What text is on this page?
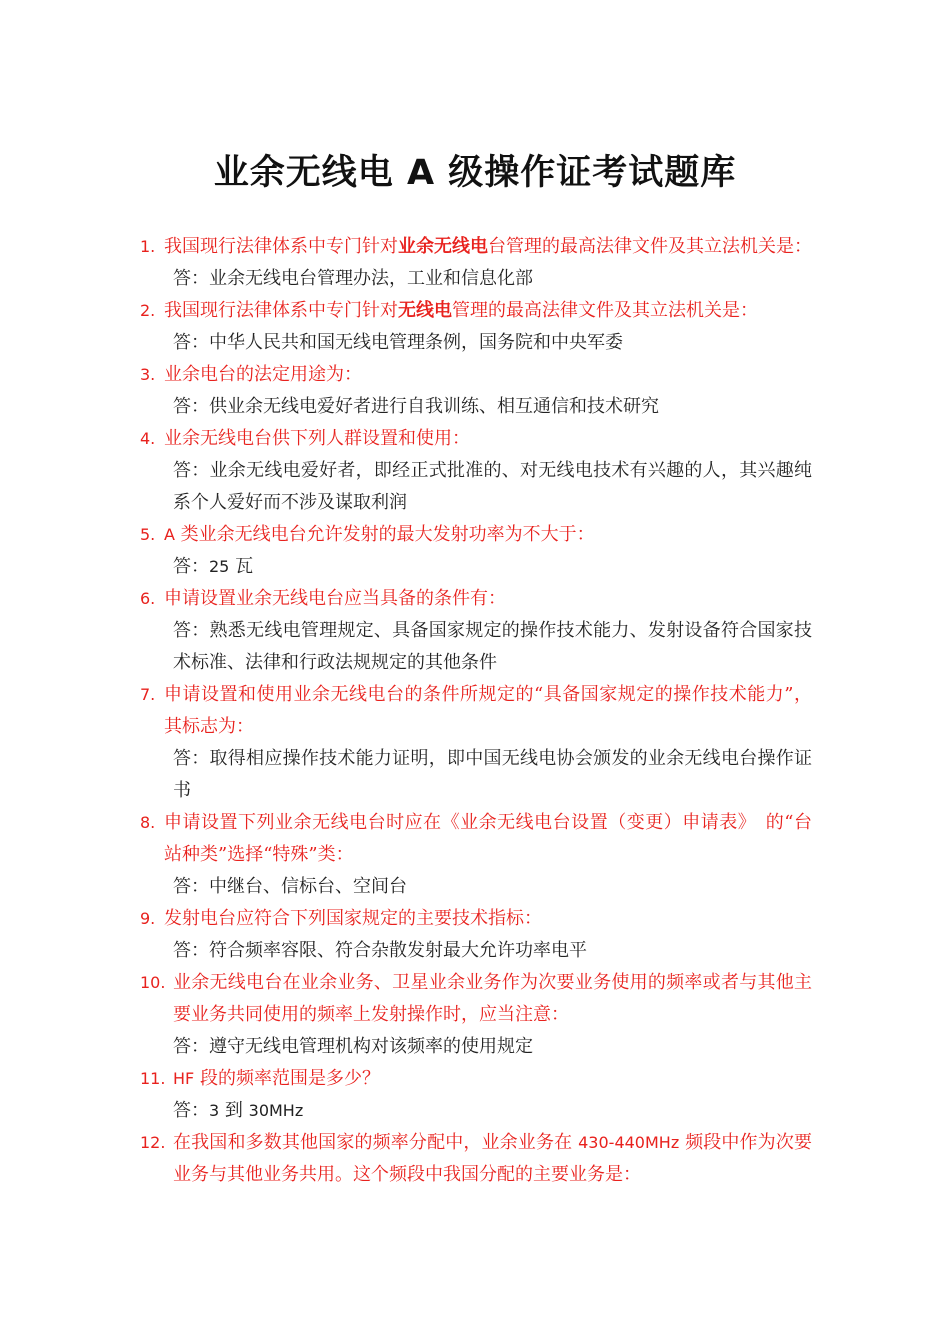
业余无线电 A 级操作证考试题库
1. 我国现行法律体系中专门针对业余无线电台管理的最高法律文件及其立法机关是：
答：业余无线电台管理办法，工业和信息化部
2. 我国现行法律体系中专门针对无线电管理的最高法律文件及其立法机关是：
答：中华人民共和国无线电管理条例，国务院和中央军委
3. 业余电台的法定用途为：
答：供业余无线电爱好者进行自我训练、相互通信和技术研究
4. 业余无线电台供下列人群设置和使用：
答：业余无线电爱好者，即经正式批准的、对无线电技术有兴趣的人，其兴趣纯系个人爱好而不涉及谋取利润
5. A 类业余无线电台允许发射的最大发射功率为不大于：
答：25 瓦
6. 申请设置业余无线电台应当具备的条件有：
答：熟悉无线电管理规定、具备国家规定的操作技术能力、发射设备符合国家技术标准、法律和行政法规规定的其他条件
7. 申请设置和使用业余无线电台的条件所规定的“具备国家规定的操作技术能力”，其标志为：
答：取得相应操作技术能力证明，即中国无线电协会颁发的业余无线电台操作证书
8. 申请设置下列业余无线电台时应在《业余无线电台设置（变更）申请表》　的“台站种类”选择“特殊”类：
答：中继台、信标台、空间台
9. 发射电台应符合下列国家规定的主要技术指标：
答：符合频率容限、符合杂散发射最大允许功率电平
10. 业余无线电台在业余业务、卫星业余业务作为次要业务使用的频率或者与其他主要业务共同使用的频率上发射操作时，应当注意：
答：遵守无线电管理机构对该频率的使用规定
11. HF 段的频率范围是多少？
答：3 到 30MHz
12. 在我国和多数其他国家的频率分配中，业余业务在 430-440MHz 频段中作为次要业务与其他业务共用。这个频段中我国分配的主要业务是：
